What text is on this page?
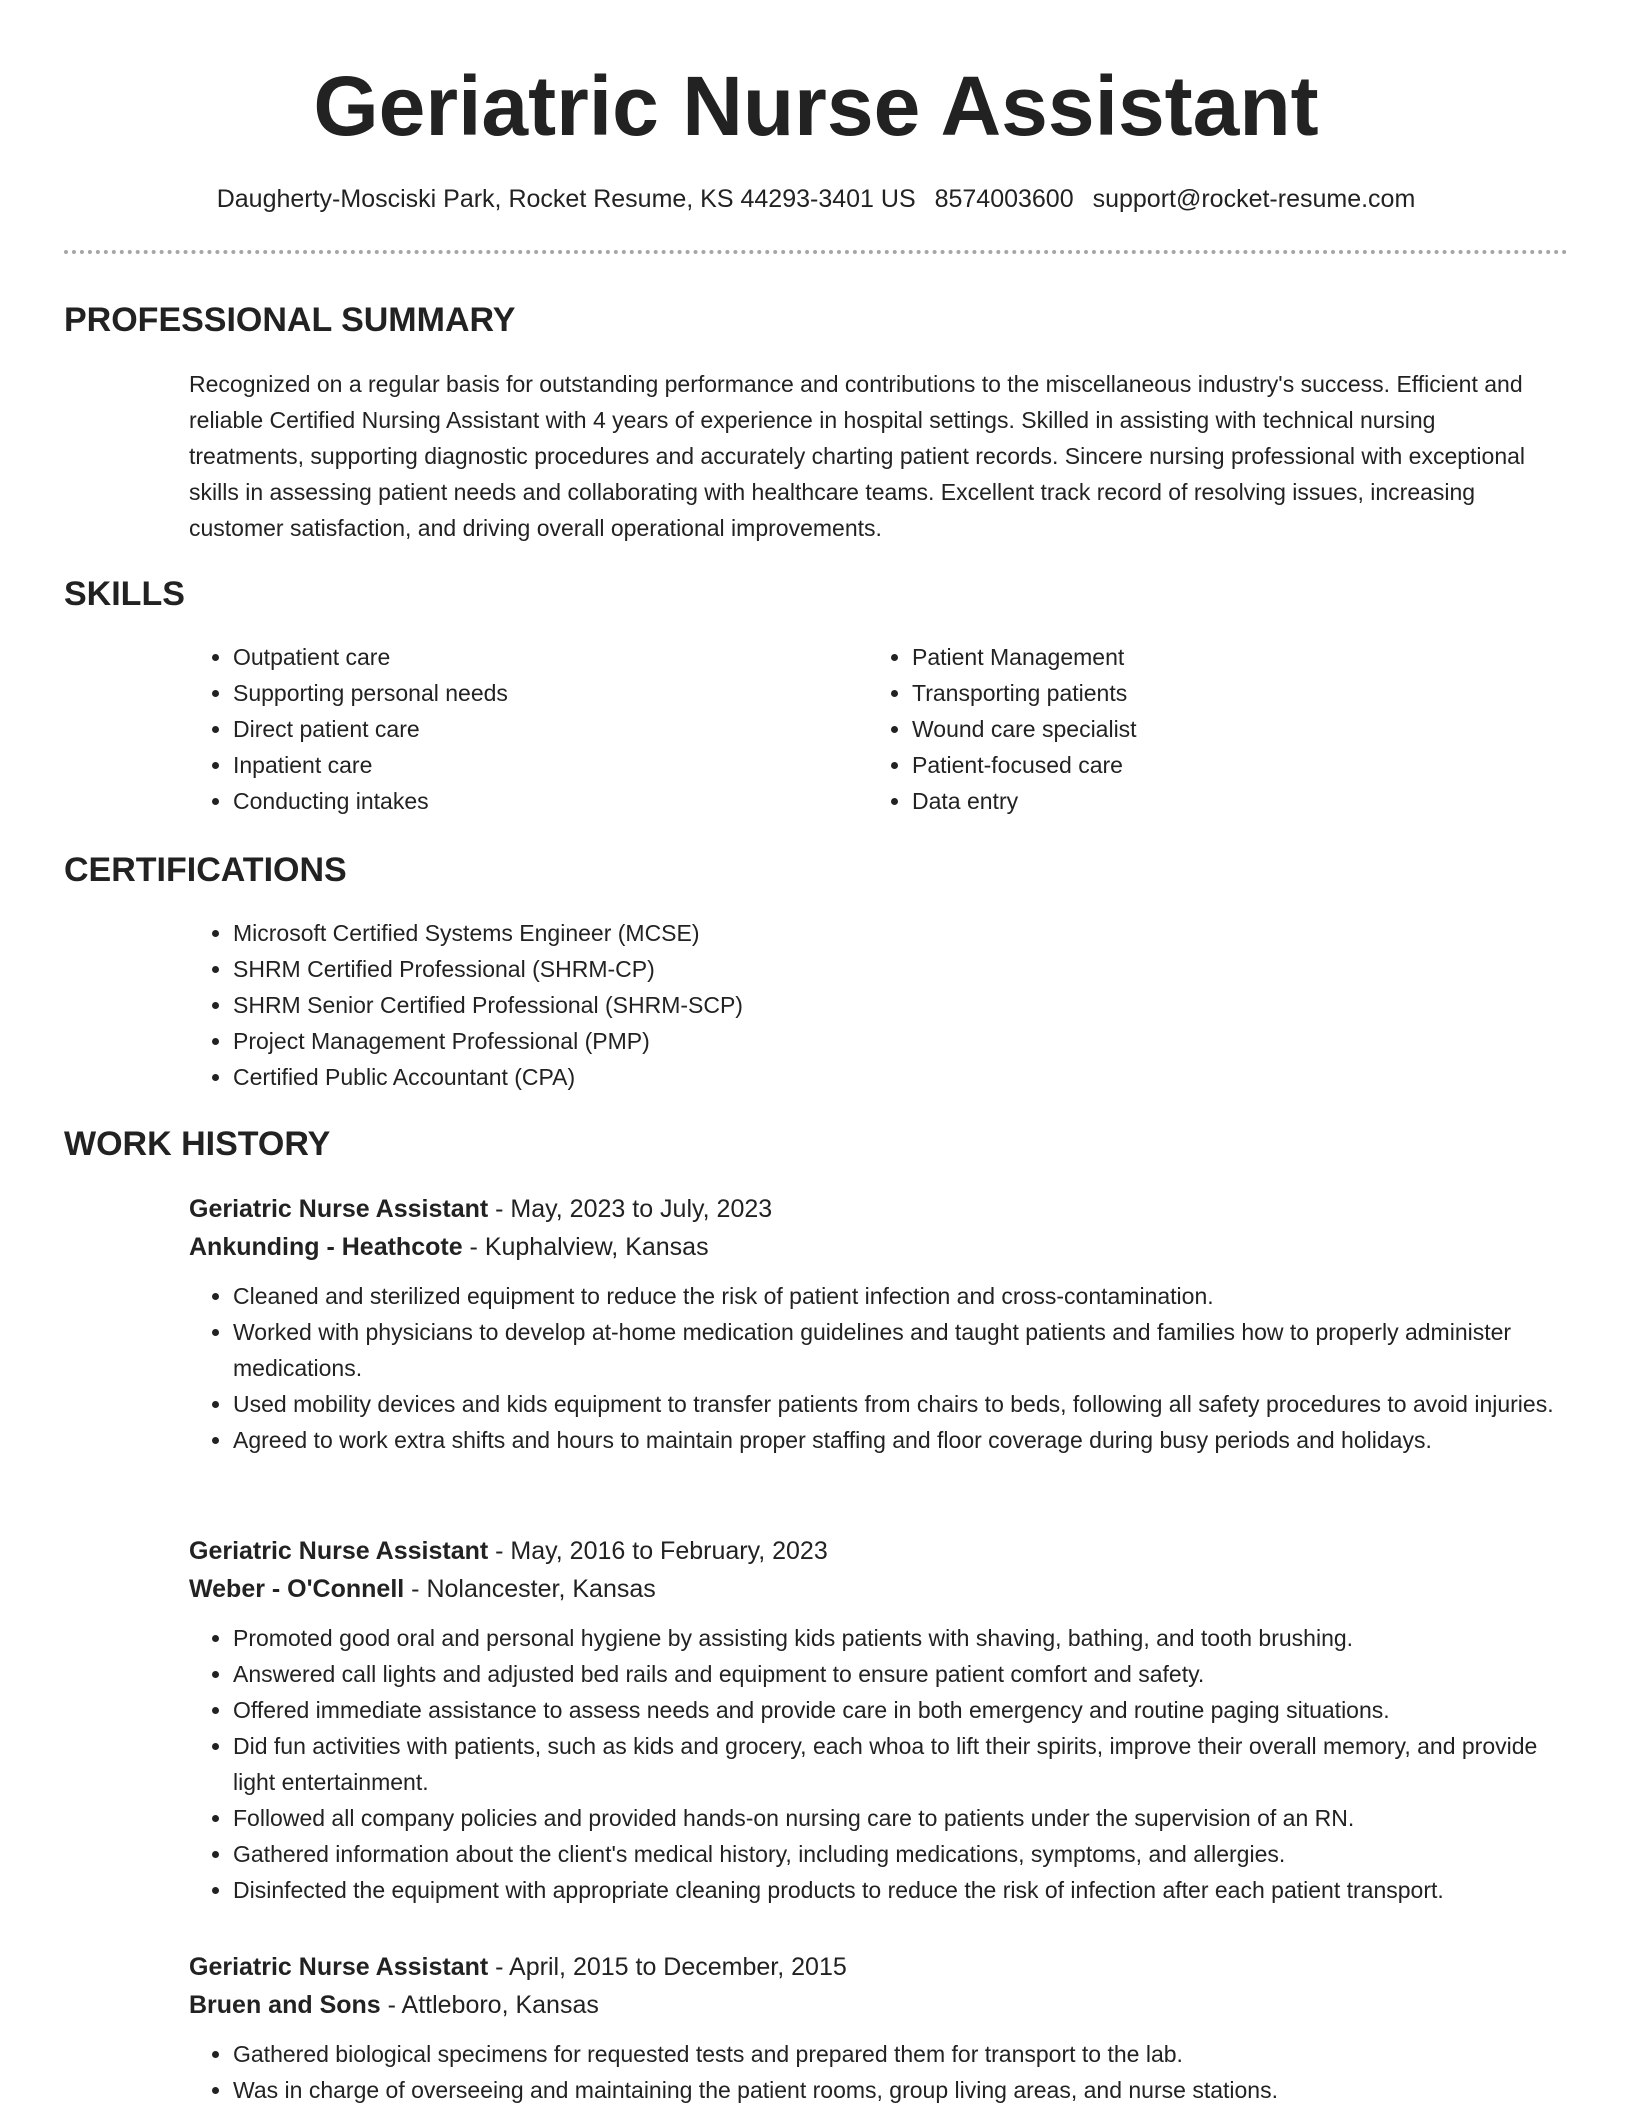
Geriatric Nurse Assistant
Daugherty-Mosciski Park, Rocket Resume, KS 44293-3401 US 8574003600 support@rocket-resume.com
PROFESSIONAL SUMMARY

Recognized on a regular basis for outstanding performance and contributions to the miscellaneous industry's success. Efficient and reliable Certified Nursing Assistant with 4 years of experience in hospital settings. Skilled in assisting with technical nursing treatments, supporting diagnostic procedures and accurately charting patient records. Sincere nursing professional with exceptional skills in assessing patient needs and collaborating with healthcare teams. Excellent track record of resolving issues, increasing customer satisfaction, and driving overall operational improvements.

SKILLS
• Outpatient care
• Supporting personal needs
• Direct patient care
• Inpatient care
• Conducting intakes
• Patient Management
• Transporting patients
• Wound care specialist
• Patient-focused care
• Data entry
CERTIFICATIONS
• Microsoft Certified Systems Engineer (MCSE)
• SHRM Certified Professional (SHRM-CP)
• SHRM Senior Certified Professional (SHRM-SCP)
• Project Management Professional (PMP)
• Certified Public Accountant (CPA)
WORK HISTORY

Geriatric Nurse Assistant - May, 2023 to July, 2023

Ankunding - Heathcote - Kuphalview, Kansas

• Cleaned and sterilized equipment to reduce the risk of patient infection and cross-contamination.
• Worked with physicians to develop at-home medication guidelines and taught patients and families how to properly administer medications.
• Used mobility devices and kids equipment to transfer patients from chairs to beds, following all safety procedures to avoid injuries.
• Agreed to work extra shifts and hours to maintain proper staffing and floor coverage during busy periods and holidays.

Geriatric Nurse Assistant - May, 2016 to February, 2023

Weber - O'Connell - Nolancester, Kansas

• Promoted good oral and personal hygiene by assisting kids patients with shaving, bathing, and tooth brushing.
• Answered call lights and adjusted bed rails and equipment to ensure patient comfort and safety.
• Offered immediate assistance to assess needs and provide care in both emergency and routine paging situations.
• Did fun activities with patients, such as kids and grocery, each whoa to lift their spirits, improve their overall memory, and provide light entertainment.
• Followed all company policies and provided hands-on nursing care to patients under the supervision of an RN.
• Gathered information about the client's medical history, including medications, symptoms, and allergies.
• Disinfected the equipment with appropriate cleaning products to reduce the risk of infection after each patient transport.

Geriatric Nurse Assistant - April, 2015 to December, 2015

Bruen and Sons - Attleboro, Kansas

• Gathered biological specimens for requested tests and prepared them for transport to the lab.
• Was in charge of overseeing and maintaining the patient rooms, group living areas, and nurse stations.
